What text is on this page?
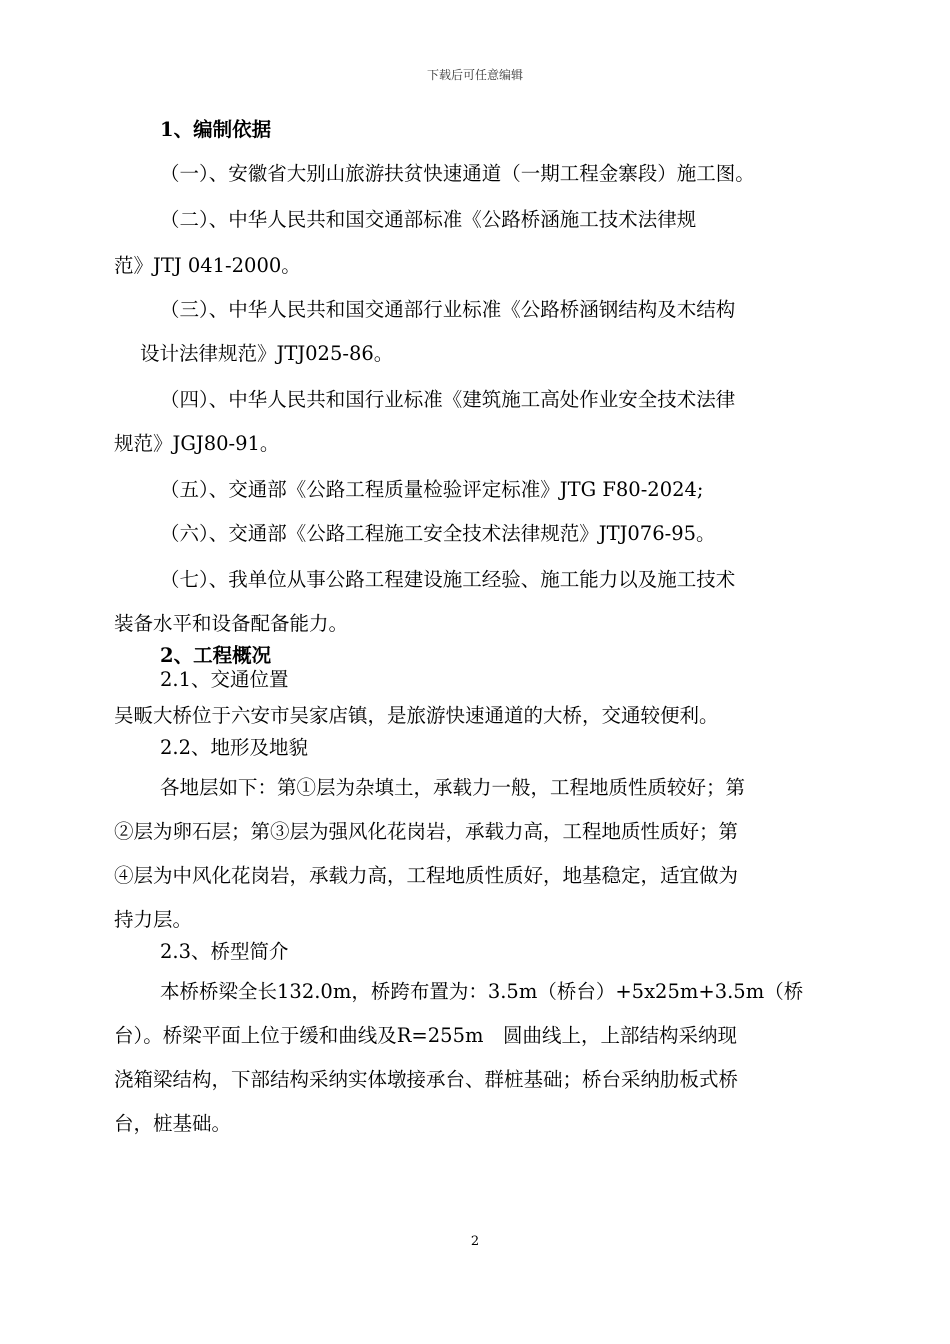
下载后可任意编辑
1、编制依据
（一）、安徽省大别山旅游扶贫快速通道（一期工程金寨段）施工图。
（二）、中华人民共和国交通部标准《公路桥涵施工技术法律规
范》JTJ 041-2000。
（三）、中华人民共和国交通部行业标准《公路桥涵钢结构及木结构
设计法律规范》JTJ025-86。
（四）、中华人民共和国行业标准《建筑施工高处作业安全技术法律
规范》JGJ80-91。
（五）、交通部《公路工程质量检验评定标准》JTG F80-2024;
（六）、交通部《公路工程施工安全技术法律规范》JTJ076-95。
（七）、我单位从事公路工程建设施工经验、施工能力以及施工技术
装备水平和设备配备能力。
2、工程概况
2.1、交通位置
吴畈大桥位于六安市吴家店镇，是旅游快速通道的大桥，交通较便利。
2.2、地形及地貌
各地层如下：第①层为杂填土，承载力一般，工程地质性质较好；第
②层为卵石层；第③层为强风化花岗岩，承载力高，工程地质性质好；第
④层为中风化花岗岩，承载力高，工程地质性质好，地基稳定，适宜做为
持力层。
2.3、桥型简介
本桥桥梁全长132.0m，桥跨布置为：3.5m（桥台）+5x25m+3.5m（桥
台）。桥梁平面上位于缓和曲线及R=255m　圆曲线上，上部结构采纳现
浇箱梁结构，下部结构采纳实体墩接承台、群桩基础；桥台采纳肋板式桥
台，桩基础。
2
